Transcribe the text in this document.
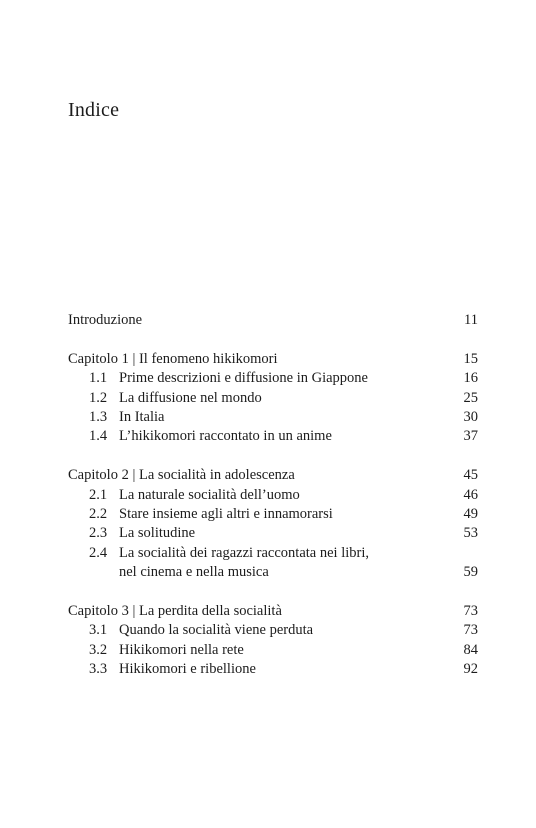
Indice
Introduzione	11
Capitolo 1 | Il fenomeno hikikomori	15
1.1 Prime descrizioni e diffusione in Giappone	16
1.2 La diffusione nel mondo	25
1.3 In Italia	30
1.4 L’hikikomori raccontato in un anime	37
Capitolo 2 | La socialità in adolescenza	45
2.1 La naturale socialità dell’uomo	46
2.2 Stare insieme agli altri e innamorarsi	49
2.3 La solitudine	53
2.4 La socialità dei ragazzi raccontata nei libri,
nel cinema e nella musica	59
Capitolo 3 | La perdita della socialità	73
3.1 Quando la socialità viene perduta	73
3.2 Hikikomori nella rete	84
3.3 Hikikomori e ribellione	92
